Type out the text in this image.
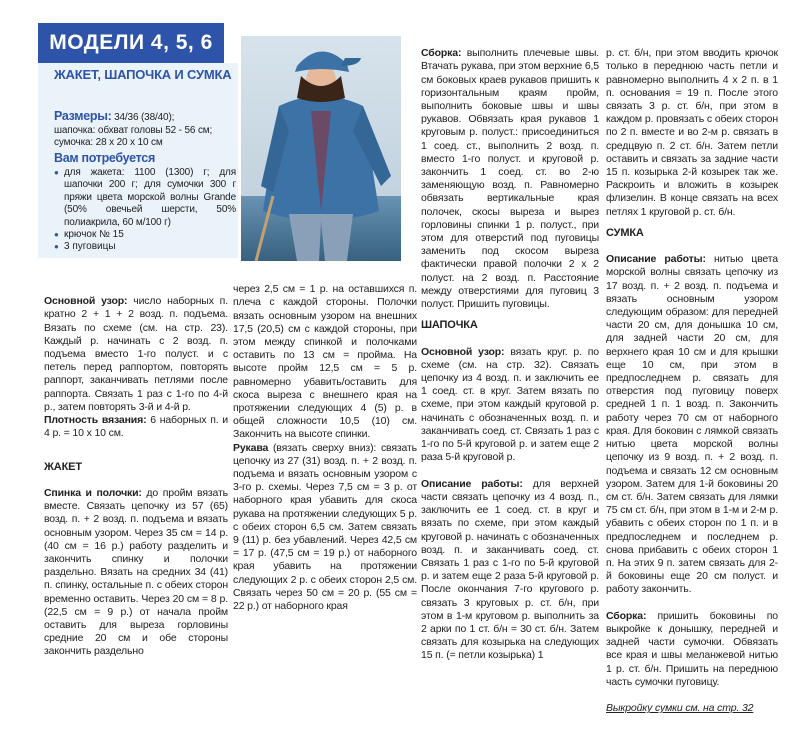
МОДЕЛИ 4, 5, 6
ЖАКЕТ, ШАПОЧКА И СУМКА

Размеры: 34/36 (38/40);
шапочка: обхват головы 52 - 56 см;
сумочка: 28 х 20 х 10 см

Вам потребуется
● для жакета: 1100 (1300) г; для шапочки 200 г; для сумочки 300 г пряжи цвета морской волны Grande (50% овечьей шерсти, 50% полиакрила, 60 м/100 г)
● крючок № 15
● 3 пуговицы

Основной узор: число наборных п. кратно 2 + 1 + 2 возд. п. подъема. Вязать по схеме (см. на стр. 23). Каждый р. начинать с 2 возд. п. подъема вместо 1-го полуст. и с петель перед раппортом, повторять раппорт, заканчивать петлями после раппорта. Связать 1 раз с 1-го по 4-й р., затем повторять 3-й и 4-й р.

Плотность вязания: 6 наборных п. и 4 р. = 10 х 10 см.

ЖАКЕТ

Спинка и полочки: до пройм вязать вместе. Связать цепочку из 57 (65) возд. п. + 2 возд. п. подъема и вязать основным узором. Через 35 см = 14 р. (40 см = 16 р.) работу разделить и закончить спинку и полочки раздельно. Вязать на средних 34 (41) п. спинку, остальные п. с обеих сторон временно оставить. Через 20 см = 8 р. (22,5 см = 9 р.) от начала пройм оставить для выреза горловины средние 20 см и обе стороны закончить раздельно

через 2,5 см = 1 р. на оставшихся п. плеча с каждой стороны. Полочки вязать основным узором на внешних 17,5 (20,5) см с каждой стороны, при этом между спинкой и полочками оставить по 13 см = пройма. На высоте пройм 12,5 см = 5 р. равномерно убавить/оставить для скоса выреза с внешнего края на протяжении следующих 4 (5) р. в общей сложности 10,5 (10) см. Закончить на высоте спинки.

Рукава (вязать сверху вниз): связать цепочку из 27 (31) возд. п. + 2 возд. п. подъема и вязать основным узором с 3-го р. схемы. Через 7,5 см = 3 р. от наборного края убавить для скоса рукава на протяжении следующих 5 р. с обеих сторон 6,5 см. Затем связать 9 (11) р. без убавлений. Через 42,5 см = 17 р. (47,5 см = 19 р.) от наборного края убавить на протяжении следующих 2 р. с обеих сторон 2,5 см. Связать через 50 см = 20 р. (55 см = 22 р.) от наборного края

Сборка: выполнить плечевые швы. Втачать рукава, при этом верхние 6,5 см боковых краев рукавов пришить к горизонтальным краям пройм, выполнить боковые швы и швы рукавов. Обвязать края рукавов 1 круговым р. полуст.: присоединиться 1 соед. ст., выполнить 2 возд. п. вместо 1-го полуст. и круговой р. закончить 1 соед. ст. во 2-ю заменяющую возд. п. Равномерно обвязать вертикальные края полочек, скосы выреза и вырез горловины спинки 1 р. полуст., при этом для отверстий под пуговицы заменить под скосом выреза фактически правой полочки 2 х 2 полуст. на 2 возд. п. Расстояние между отверстиями для пуговиц 3 полуст. Пришить пуговицы.

ШАПОЧКА

Основной узор: вязать круг. р. по схеме (см. на стр. 32). Связать цепочку из 4 возд. п. и заключить ее 1 соед. ст. в круг. Затем вязать по схеме, при этом каждый круговой р. начинать с обозначенных возд. п. и заканчивать соед. ст. Связать 1 раз с 1-го по 5-й круговой р. и затем еще 2 раза 5-й круговой р.

Описание работы: для верхней части связать цепочку из 4 возд. п., заключить ее 1 соед. ст. в круг и вязать по схеме, при этом каждый круговой р. начинать с обозначенных возд. п. и заканчивать соед. ст. Связать 1 раз с 1-го по 5-й круговой р. и затем еще 2 раза 5-й круговой р. После окончания 7-го кругового р. связать 3 круговых р. ст. б/н, при этом в 1-м круговом р. выполнить за 2 арки по 1 ст. б/н = 30 ст. б/н. Затем связать для козырька на следующих 15 п. (= петли козырька) 1

р. ст. б/н, при этом вводить крючок только в переднюю часть петли и равномерно выполнить 4 х 2 п. в 1 п. основания = 19 п. После этого связать 3 р. ст. б/н, при этом в каждом р. провязать с обеих сторон по 2 п. вместе и во 2-м р. связать в средцвую п. 2 ст. б/н. Затем петли оставить и связать за задние части 15 п. козырька 2-й козырек так же. Раскроить и вложить в козырек флизелин. В конце связать на всех петлях 1 круговой р. ст. б/н.

СУМКА

Описание работы: нитью цвета морской волны связать цепочку из 17 возд. п. + 2 возд. п. подъема и вязать основным узором следующим образом: для передней части 20 см, для донышка 10 см, для задней части 20 см, для верхнего края 10 см и для крышки еще 10 см, при этом в предпоследнем р. связать для отверстия под пуговицу поверх средней 1 п. 1 возд. п. Закончить работу через 70 см от наборного края. Для боковин с лямкой связать нитью цвета морской волны цепочку из 9 возд. п. + 2 возд. п. подъема и связать 12 см основным узором. Затем для 1-й боковины 20 см ст. б/н. Затем связать для лямки 75 см ст. б/н, при этом в 1-м и 2-м р. убавить с обеих сторон по 1 п. и в предпоследнем и последнем р. снова прибавить с обеих сторон 1 п. На этих 9 п. затем связать для 2-й боковины еще 20 см полуст. и работу закончить.

Сборка: пришить боковины по выкройке к донышку, передней и задней части сумочки. Обвязать все края и швы меланжевой нитью 1 р. ст. б/н. Пришить на переднюю часть сумочки пуговицу.

Выкройку сумки см. на стр. 32
